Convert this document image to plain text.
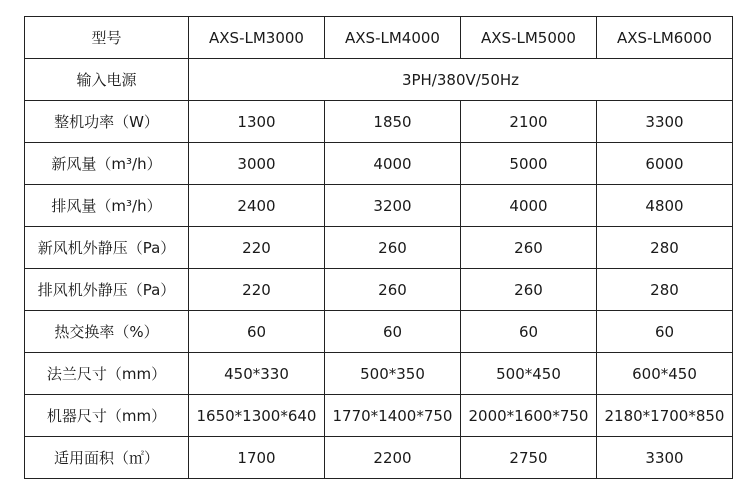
型号	AXS-LM3000	AXS-LM4000	AXS-LM5000	AXS-LM6000
输入电源	3PH/380V/50Hz			
整机功率（W）	1300	1850	2100	3300
新风量（m³/h）	3000	4000	5000	6000
排风量（m³/h）	2400	3200	4000	4800
新风机外静压（Pa）	220	260	260	280
排风机外静压（Pa）	220	260	260	280
热交换率（%）	60	60	60	60
法兰尺寸（mm）	450*330	500*350	500*450	600*450
机器尺寸（mm）	1650*1300*640	1770*1400*750	2000*1600*750	2180*1700*850
适用面积（㎡）	1700	2200	2750	3300
